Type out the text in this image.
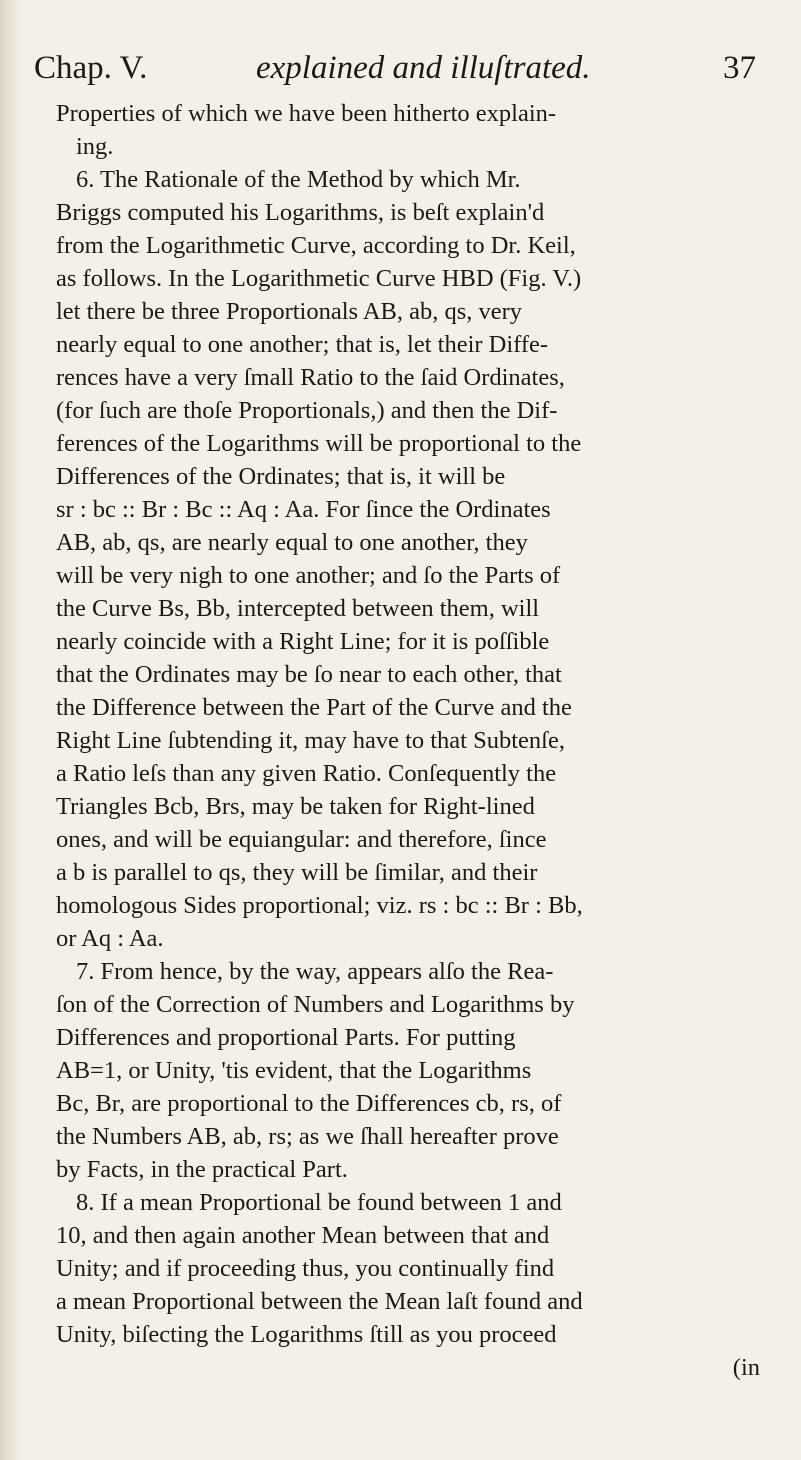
Chap. V.	explained and illuſtrated.	37
Properties of which we have been hitherto explain-
ing.
6. The Rationale of the Method by which Mr.
Briggs computed his Logarithms, is beſt explain'd
from the Logarithmetic Curve, according to Dr. Keil,
as follows. In the Logarithmetic Curve HBD (Fig. V.)
let there be three Proportionals AB, ab, qs, very
nearly equal to one another; that is, let their Diffe-
rences have a very ſmall Ratio to the ſaid Ordinates,
(for ſuch are thoſe Proportionals,) and then the Dif-
ferences of the Logarithms will be proportional to the
Differences of the Ordinates; that is, it will be
sr : bc :: Br : Bc :: Aq : Aa. For ſince the Ordinates
AB, ab, qs, are nearly equal to one another, they
will be very nigh to one another; and ſo the Parts of
the Curve Bs, Bb, intercepted between them, will
nearly coincide with a Right Line; for it is poſſible
that the Ordinates may be ſo near to each other, that
the Difference between the Part of the Curve and the
Right Line ſubtending it, may have to that Subtenſe,
a Ratio leſs than any given Ratio. Conſequently the
Triangles Bcb, Brs, may be taken for Right-lined
ones, and will be equiangular: and therefore, ſince
a b is parallel to qs, they will be ſimilar, and their
homologous Sides proportional; viz. rs : bc :: Br : Bb,
or Aq : Aa.
7. From hence, by the way, appears alſo the Rea-
ſon of the Correction of Numbers and Logarithms by
Differences and proportional Parts. For putting
AB=1, or Unity, 'tis evident, that the Logarithms
Bc, Br, are proportional to the Differences cb, rs, of
the Numbers AB, ab, rs; as we ſhall hereafter prove
by Facts, in the practical Part.
8. If a mean Proportional be found between 1 and
10, and then again another Mean between that and
Unity; and if proceeding thus, you continually find
a mean Proportional between the Mean laſt found and
Unity, biſecting the Logarithms ſtill as you proceed
(in
